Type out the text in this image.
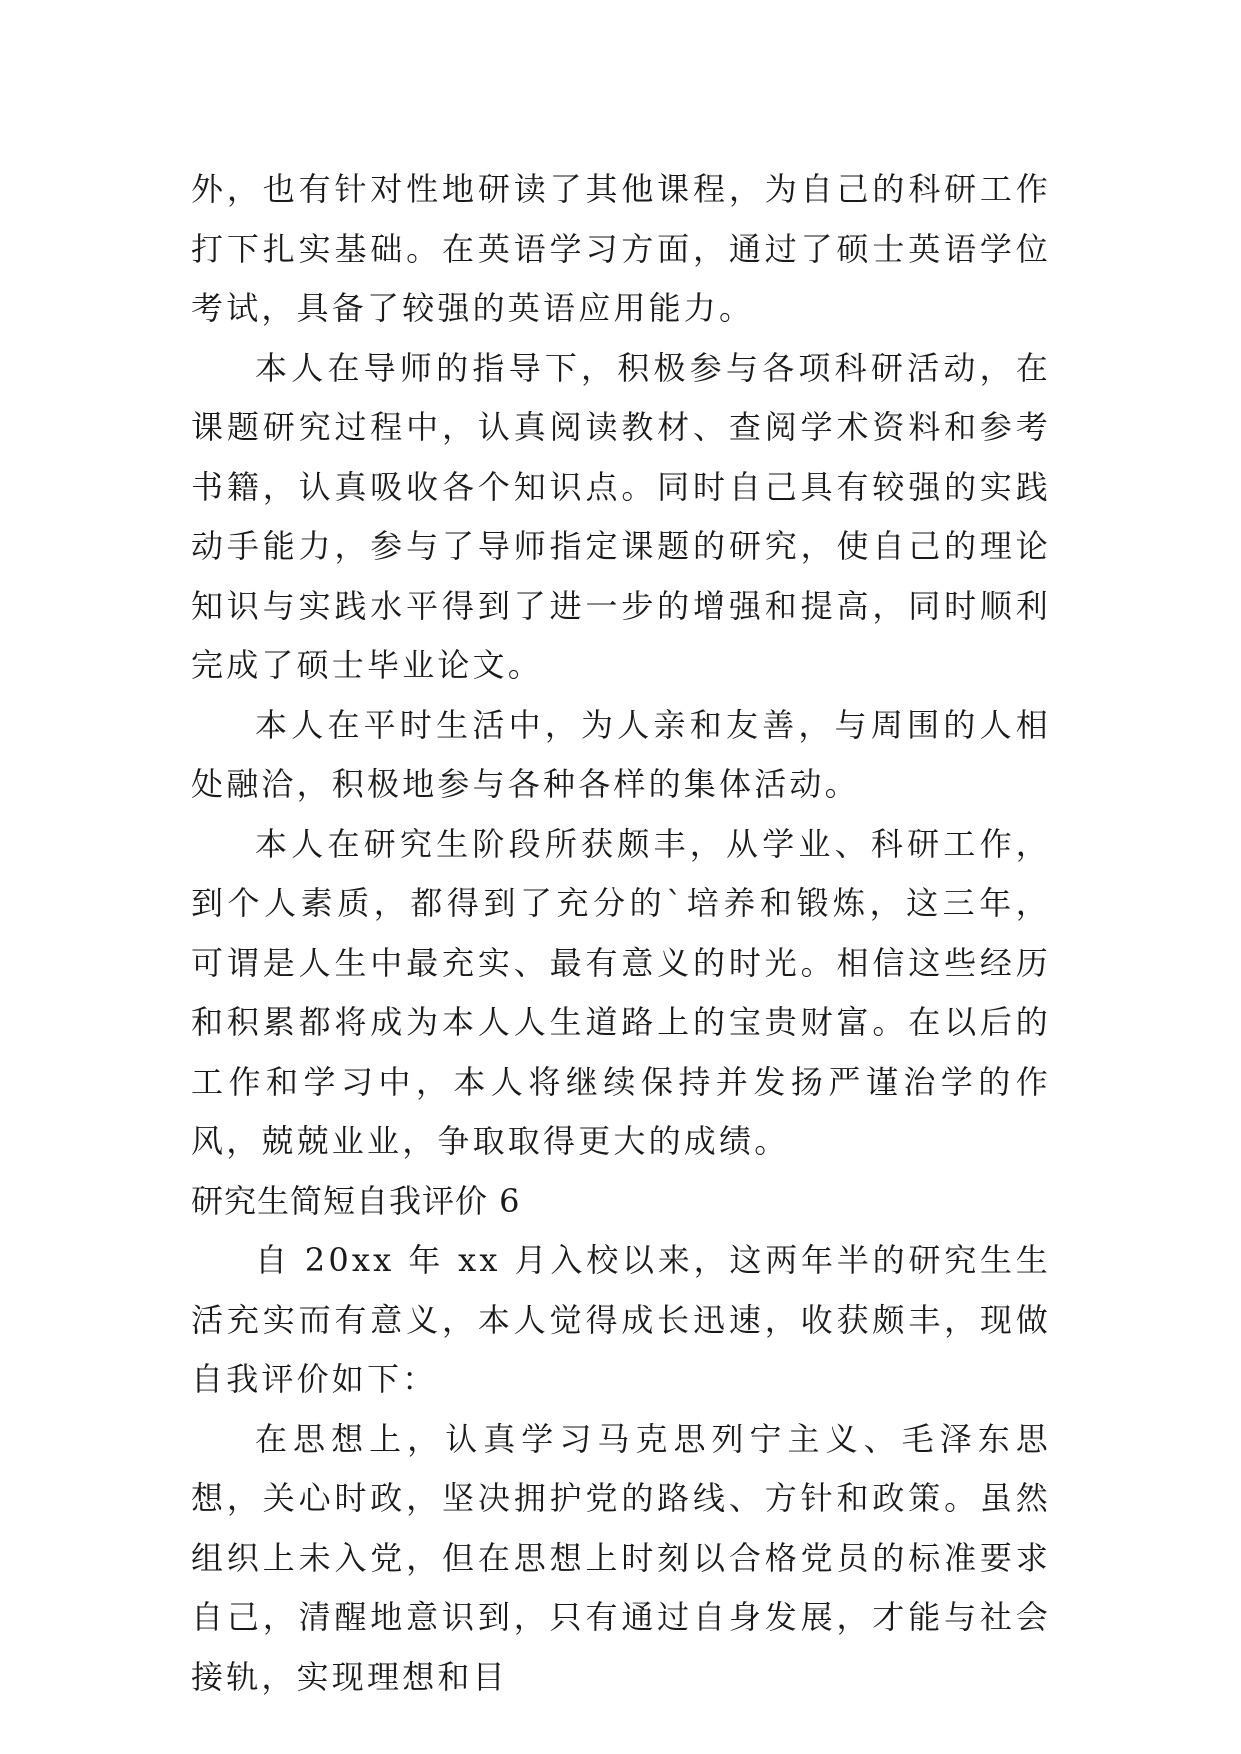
外，也有针对性地研读了其他课程，为自己的科研工作打下扎实基础。在英语学习方面，通过了硕士英语学位考试，具备了较强的英语应用能力。

本人在导师的指导下，积极参与各项科研活动，在课题研究过程中，认真阅读教材、查阅学术资料和参考书籍，认真吸收各个知识点。同时自己具有较强的实践动手能力，参与了导师指定课题的研究，使自己的理论知识与实践水平得到了进一步的增强和提高，同时顺利完成了硕士毕业论文。

本人在平时生活中，为人亲和友善，与周围的人相处融洽，积极地参与各种各样的集体活动。

本人在研究生阶段所获颇丰，从学业、科研工作，到个人素质，都得到了充分的`培养和锻炼，这三年，可谓是人生中最充实、最有意义的时光。相信这些经历和积累都将成为本人人生道路上的宝贵财富。在以后的工作和学习中，本人将继续保持并发扬严谨治学的作风，兢兢业业，争取取得更大的成绩。

研究生简短自我评价 6

自 20xx 年 xx 月入校以来，这两年半的研究生生活充实而有意义，本人觉得成长迅速，收获颇丰，现做自我评价如下：

在思想上，认真学习马克思列宁主义、毛泽东思想，关心时政，坚决拥护党的路线、方针和政策。虽然组织上未入党，但在思想上时刻以合格党员的标准要求自己，清醒地意识到，只有通过自身发展，才能与社会接轨，实现理想和目
